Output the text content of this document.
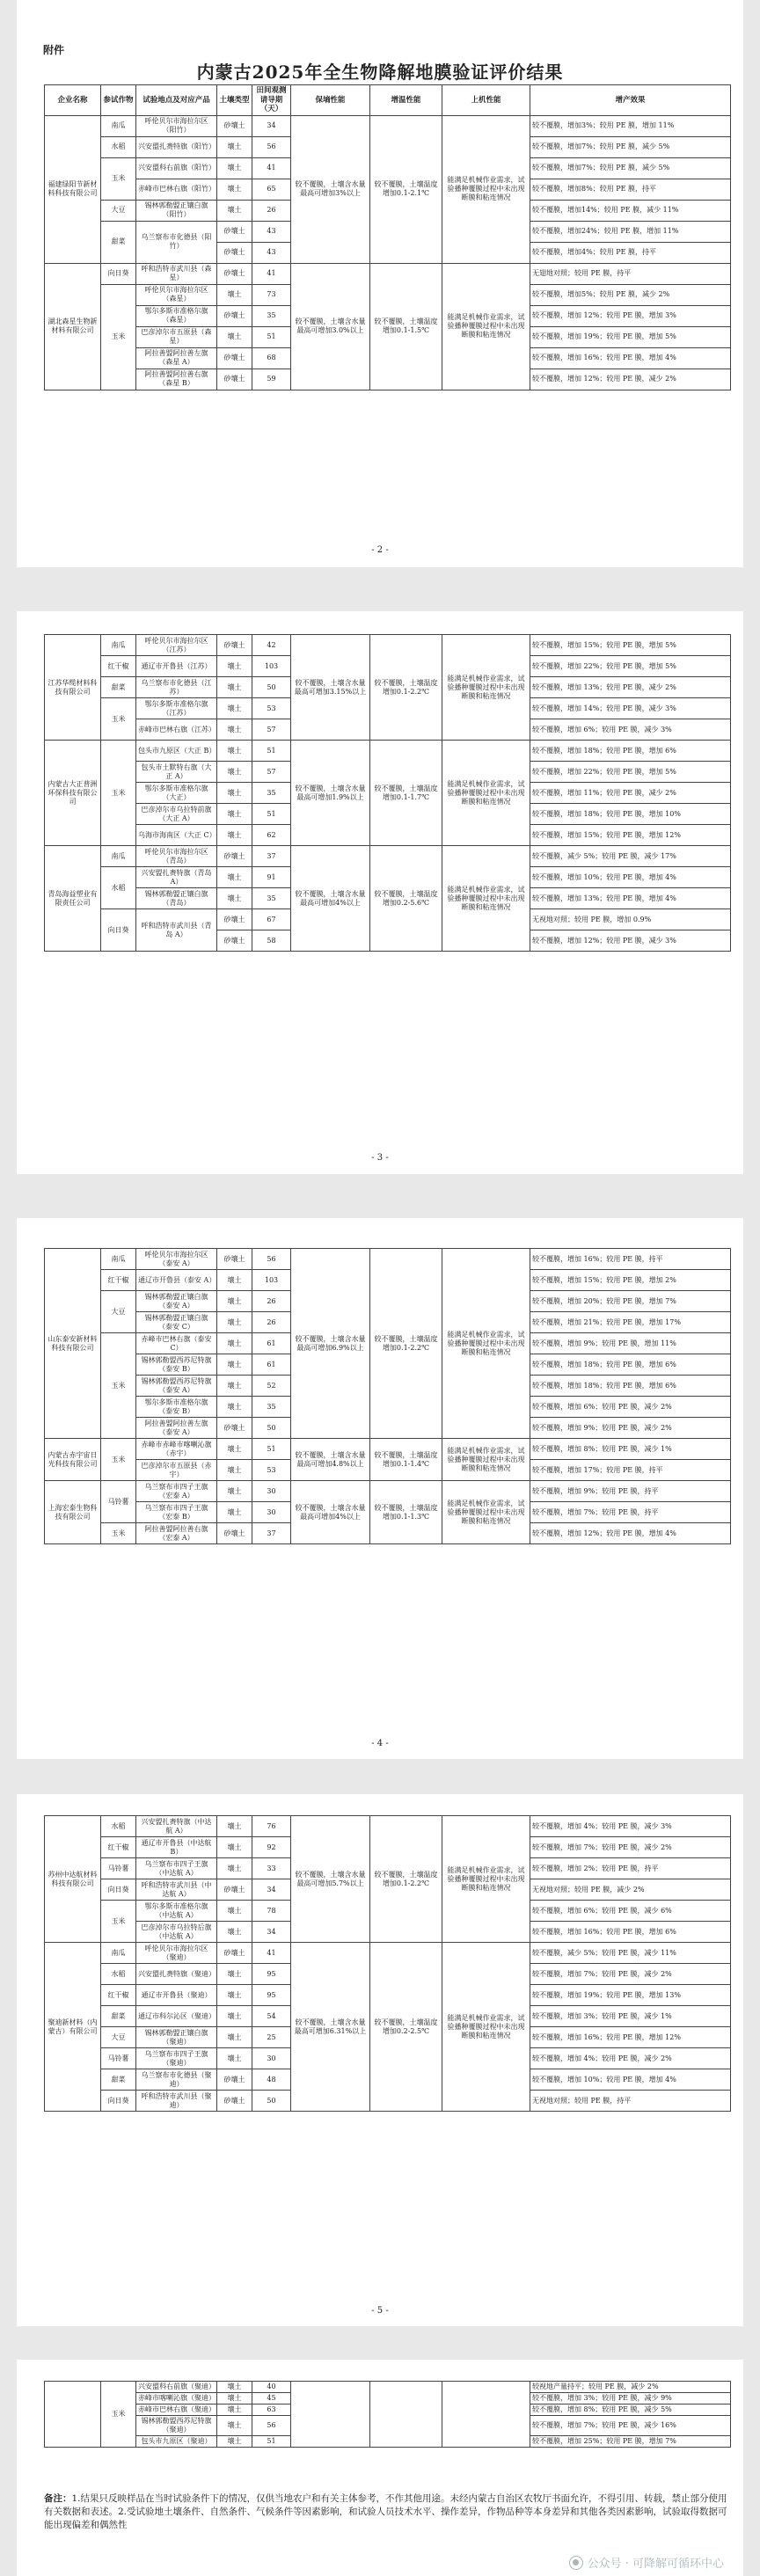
附件
内蒙古2025年全生物降解地膜验证评价结果
企业名称	参试作物	试验地点及对应产品	土壤类型	田间观测 请导期（天）	保墒性能	增温性能	上机性能	增产效果
福建绿阳节新材料科技有限公司	南瓜	呼伦贝尔市海拉尔区（阳竹）	砂壤土	34	较不覆膜，土壤含水量最高可增加3%以上	较不覆膜，土壤温度增加0.1-2.1℃	能满足机械作业需求，试验播种覆膜过程中未出现断膜和粘连情况	较不覆膜，增加3%；较用 PE 膜，增加 11%
	水稻	兴安盟扎赉特旗（阳竹）	壤土	56				较不覆膜，增加7%；较用 PE 膜，减少 5%
	玉米	兴安盟科右前旗（阳竹）	壤土	41				较不覆膜，增加7%；较用 PE 膜，减少 5%
		赤峰市巴林右旗（阳竹）	壤土	65				较不覆膜，增加8%；较用 PE 膜，持平
	大豆	锡林郭勒盟正镶白旗（阳竹）	壤土	26				较不覆膜，增加14%；较用 PE 膜，减少 11%
	甜菜	乌兰察布市化德县（阳竹）	砂壤土	43				较不覆膜，增加24%；较用 PE 膜，增加 11%
			砂壤土	43				较不覆膜，增加4%；较用 PE 膜，持平
湖北森星生物新材料有限公司	向日葵	呼和浩特市武川县（森星）	砂壤土	41	较不覆膜，土壤含水量最高可增加3.0%以上	较不覆膜，土壤温度增加0.1-1.5℃	能满足机械作业需求，试验播种覆膜过程中未出现断膜和粘连情况	无翅地对照；较用 PE 膜，持平
	玉米	呼伦贝尔市海拉尔区（森星）	壤土	73				较不覆膜，增加5%；较用 PE 膜，减少 2%
		鄂尔多斯市准格尔旗（森星）	砂壤土	35				较不覆膜，增加 12%；较用 PE 膜，增加 3%
		巴彦淖尔市五原县（森星）	壤土	51				较不覆膜，增加 19%；较用 PE 膜，增加 5%
		阿拉善盟阿拉善左旗（森星 A）	砂壤土	68				较不覆膜，增加 16%；较用 PE 膜，增加 4%
		阿拉善盟阿拉善右旗（森星 B）	砂壤土	59				较不覆膜，增加 12%；较用 PE 膜，减少 2%
- 2 -
江苏华缆材料科技有限公司	南瓜	呼伦贝尔市海拉尔区（江苏）	砂壤土	42	较不覆膜，土壤含水量最高可增加3.15%以上	较不覆膜，土壤温度增加0.1-2.2℃	能满足机械作业需求，试验播种覆膜过程中未出现断膜和粘连情况	较不覆膜，增加 15%；较用 PE 膜，增加 5%
	红干椒	通辽市开鲁县（江苏）	壤土	103				较不覆膜，增加 22%；较用 PE 膜，增加 5%
	甜菜	乌兰察布市化德县（江苏）	壤土	50				较不覆膜，增加 13%；较用 PE 膜，减少 2%
	玉米	鄂尔多斯市准格尔旗（江苏）	壤土	53				较不覆膜，增加 14%；较用 PE 膜，减少 3%
		赤峰市巴林右旗（江苏）	壤土	57				较不覆膜，增加 6%；较用 PE 膜，减少 3%
内蒙古大正普洲环保科技有限公司	玉米	包头市九原区（大正 B）	壤土	51	较不覆膜，土壤含水量最高可增加1.9%以上	较不覆膜，土壤温度增加0.1-1.7℃	能满足机械作业需求，试验播种覆膜过程中未出现断膜和粘连情况	较不覆膜，增加 18%；较用 PE 膜，增加 6%
		包头市土默特右旗（大正 A）	壤土	57				较不覆膜，增加 22%；较用 PE 膜，增加 5%
		鄂尔多斯市准格尔旗（大正）	壤土	35				较不覆膜，增加 11%；较用 PE 膜，减少 2%
		巴彦淖尔市乌拉特前旗（大正 A）	壤土	51				较不覆膜，增加 18%；较用 PE 膜，增加 10%
		乌海市海南区（大正 C）	壤土	62				较不覆膜，增加 15%；较用 PE 膜，增加 12%
青岛海益塑业有限责任公司	南瓜	呼伦贝尔市海拉尔区（青岛）	砂壤土	37	较不覆膜，土壤含水量最高可增加4%以上	较不覆膜，土壤温度增加0.2-5.6℃	能满足机械作业需求，试验播种覆膜过程中未出现断膜和粘连情况	较不覆膜，减少 5%；较用 PE 膜，减少 17%
	水稻	兴安盟扎赉特旗（青岛 A）	壤土	91				较不覆膜，增加 10%；较用 PE 膜，增加 4%
		锡林郭勒盟正镶白旗（青岛）	壤土	35				较不覆膜，增加 13%；较用 PE 膜，增加 4%
	向日葵	呼和浩特市武川县（青岛 A）	砂壤土	67				无视地对照；较用 PE 膜，增加 0.9%
			砂壤土	58				较不覆膜，增加 12%；较用 PE 膜，减少 3%
- 3 -
山东泰安新材料科技有限公司	南瓜	呼伦贝尔市海拉尔区（泰安 A）	砂壤土	56	较不覆膜，土壤含水量最高可增加6.9%以上	较不覆膜，土壤温度增加0.1-2.2℃	能满足机械作业需求，试验播种覆膜过程中未出现断膜和粘连情况	较不覆膜，增加 16%；较用 PE 膜，持平
	红干椒	通辽市开鲁县（泰安 A）	壤土	103				较不覆膜，增加 15%；较用 PE 膜，增加 2%
	大豆	锡林郭勒盟正镶白旗（泰安 A）	壤土	26				较不覆膜，增加 20%；较用 PE 膜，增加 7%
		锡林郭勒盟正镶白旗（泰安 C）	壤土	26				较不覆膜，增加 21%；较用 PE 膜，增加 17%
	玉米	赤峰市巴林右旗（泰安 C）	壤土	61				较不覆膜，增加 9%；较用 PE 膜，增加 11%
		锡林郭勒盟西苏尼特旗（泰安 B）	壤土	61				较不覆膜，增加 18%；较用 PE 膜，增加 6%
		锡林郭勒盟西苏尼特旗（泰安 A）	壤土	52				较不覆膜，增加 18%；较用 PE 膜，增加 6%
		鄂尔多斯市准格尔旗（泰安 B）	壤土	35				较不覆膜，增加 6%；较用 PE 膜，减少 2%
		阿拉善盟阿拉善左旗（泰安 A）	砂壤土	50				较不覆膜，增加 9%；较用 PE 膜，减少 2%
内蒙古赤宇宙日光科技有限公司	玉米	赤峰市赤峰市喀喇沁旗（赤宇）	壤土	51	较不覆膜，土壤含水量最高可增加4.8%以上	较不覆膜，土壤温度增加0.1-1.4℃	能满足机械作业需求，试验播种覆膜过程中未出现断膜和粘连情况	较不覆膜，增加 8%；较用 PE 膜，减少 1%
		巴彦淖尔市五原县（赤宇）	壤土	53				较不覆膜，增加 17%；较用 PE 膜，持平
上海宏泰生物科技有限公司	马铃薯	乌兰察布市四子王旗（宏泰 A）	壤土	30	较不覆膜，土壤含水量最高可增加4%以上	较不覆膜，土壤温度增加0.1-1.3℃	能满足机械作业需求，试验播种覆膜过程中未出现断膜和粘连情况	较不覆膜，增加 9%；较用 PE 膜，持平
		乌兰察布市四子王旗（宏泰 B）	壤土	30				较不覆膜，增加 7%；较用 PE 膜，持平
	玉米	阿拉善盟阿拉善右旗（宏泰 A）	砂壤土	37				较不覆膜，增加 12%；较用 PE 膜，增加 4%
- 4 -
苏州中达航材料科技有限公司	水稻	兴安盟扎赉特旗（中达航 A）	壤土	76	较不覆膜，土壤含水量最高可增加5.7%以上	较不覆膜，土壤温度增加0.1-2.2℃	能满足机械作业需求，试验播种覆膜过程中未出现断膜和粘连情况	较不覆膜，增加 4%；较用 PE 膜，减少 3%
	红干椒	通辽市开鲁县（中达航 B）	壤土	92				较不覆膜，增加 7%；较用 PE 膜，减少 2%
	马铃薯	乌兰察布市四子王旗（中达航 A）	壤土	33				较不覆膜，增加 2%；较用 PE 膜，持平
	向日葵	呼和浩特市武川县（中达航 A）	砂壤土	34				无视地对照；较用 PE 膜，减少 2%
	玉米	鄂尔多斯市准格尔旗（中达航 A）	壤土	78				较不覆膜，增加 6%；较用 PE 膜，减少 6%
		巴彦淖尔市乌拉特后旗（中达航 A）	壤土	34				较不覆膜，增加 16%；较用 PE 膜，增加 6%
聚迪新材料（内蒙古）有限公司	南瓜	呼伦贝尔市海拉尔区（聚迪）	砂壤土	41	较不覆膜，土壤含水量最高可增加6.31%以上	较不覆膜，土壤温度增加0.2-2.5℃	能满足机械作业需求，试验播种覆膜过程中未出现断膜和粘连情况	较不覆膜，减少 5%；较用 PE 膜，减少 11%
	水稻	兴安盟扎赉特旗（聚迪）	壤土	95				较不覆膜，增加 7%；较用 PE 膜，减少 2%
	红干椒	通辽市开鲁县（聚迪）	壤土	95				较不覆膜，增加 19%；较用 PE 膜，增加 13%
	甜菜	通辽市科尔沁区（聚迪）	壤土	54				较不覆膜，增加 3%；较用 PE 膜，减少 1%
	大豆	锡林郭勒盟正镶白旗（聚迪）	壤土	25				较不覆膜，增加 16%；较用 PE 膜，增加 12%
	马铃薯	乌兰察布市四子王旗（聚迪）	壤土	30				较不覆膜，增加 4%；较用 PE 膜，减少 2%
	甜菜	乌兰察布市化德县（聚迪）	砂壤土	48				较不覆膜，增加 10%；较用 PE 膜，增加 4%
	向日葵	呼和浩特市武川县（聚迪）	砂壤土	50				无视地对照；较用 PE 膜，持平
- 5 -
	玉米	兴安盟科右前旗（聚迪）	壤土	40				较视地产量持平；较用 PE 膜，减少 2%
		赤峰市喀喇沁旗（聚迪）	壤土	45				较不覆膜，增加 3%；较用 PE 膜，减少 9%
		赤峰市巴林右旗（聚迪）	壤土	63				较不覆膜，增加 8%；较用 PE 膜，减少 5%
		锡林郭勒盟西苏尼特旗（聚迪）	壤土	56				较不覆膜，增加 7%；较用 PE 膜，减少 16%
		包头市九原区（聚迪）	壤土	51				较不覆膜，增加 25%；较用 PE 膜，增加 7%
备注：1.结果只反映样品在当时试验条件下的情况，仅供当地农户和有关主体参考，不作其他用途。未经内蒙古自治区农牧厅书面允许，不得引用、转载，禁止部分使用有关数据和表述。2.受试验地土壤条件、自然条件、气候条件等因素影响，和试验人员技术水平、操作差异，作物品种等本身差异和其他各类因素影响，试验取得数据可能出现偏差和偶然性
公众号 · 可降解可循环中心
